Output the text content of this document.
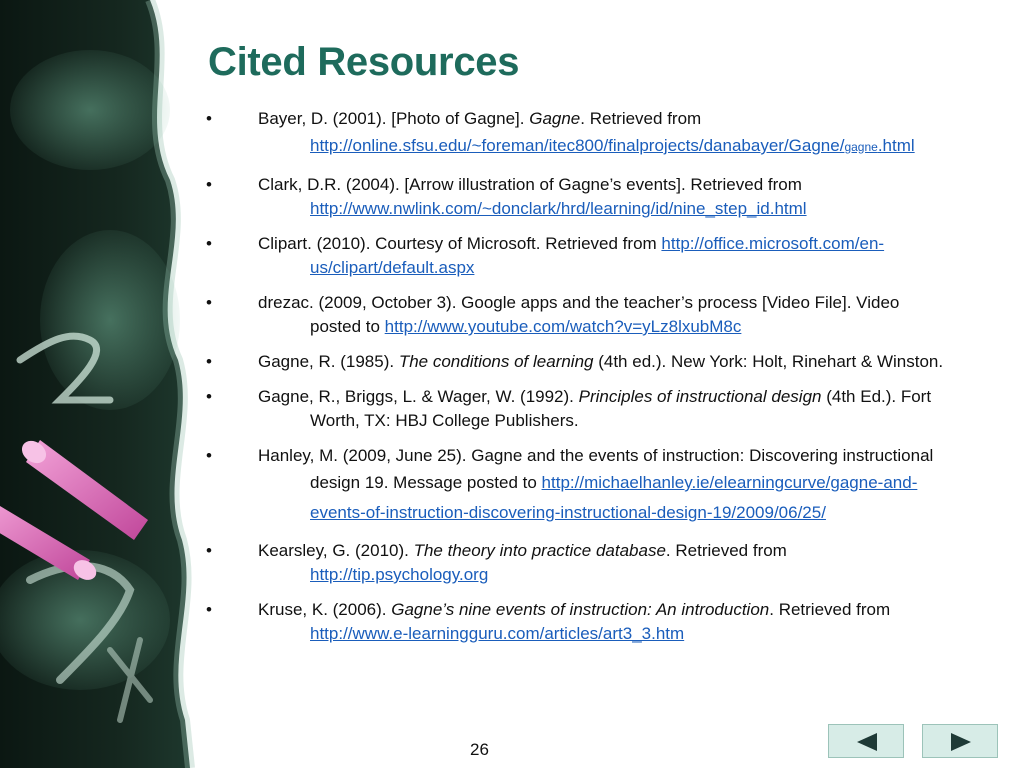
Cited Resources
•	Bayer, D. (2001). [Photo of Gagne]. Gagne. Retrieved from http://online.sfsu.edu/~foreman/itec800/finalprojects/danabayer/Gagne/gagne.html
•	Clark, D.R. (2004). [Arrow illustration of Gagne’s events]. Retrieved from http://www.nwlink.com/~donclark/hrd/learning/id/nine_step_id.html
•	Clipart. (2010). Courtesy of Microsoft. Retrieved from http://office.microsoft.com/en-us/clipart/default.aspx
•	drezac. (2009, October 3). Google apps and the teacher’s process [Video File]. Video posted to http://www.youtube.com/watch?v=yLz8lxubM8c
•	Gagne, R. (1985). The conditions of learning (4th ed.). New York: Holt, Rinehart & Winston.
•	Gagne, R., Briggs, L. & Wager, W. (1992). Principles of instructional design (4th Ed.). Fort Worth, TX: HBJ College Publishers.
•	Hanley, M. (2009, June 25). Gagne and the events of instruction: Discovering instructional design 19. Message posted to http://michaelhanley.ie/elearningcurve/gagne-and-events-of-instruction-discovering-instructional-design-19/2009/06/25/
•	Kearsley, G. (2010). The theory into practice database. Retrieved from http://tip.psychology.org
•	Kruse, K. (2006). Gagne’s nine events of instruction: An introduction. Retrieved from http://www.e-learningguru.com/articles/art3_3.htm
26
